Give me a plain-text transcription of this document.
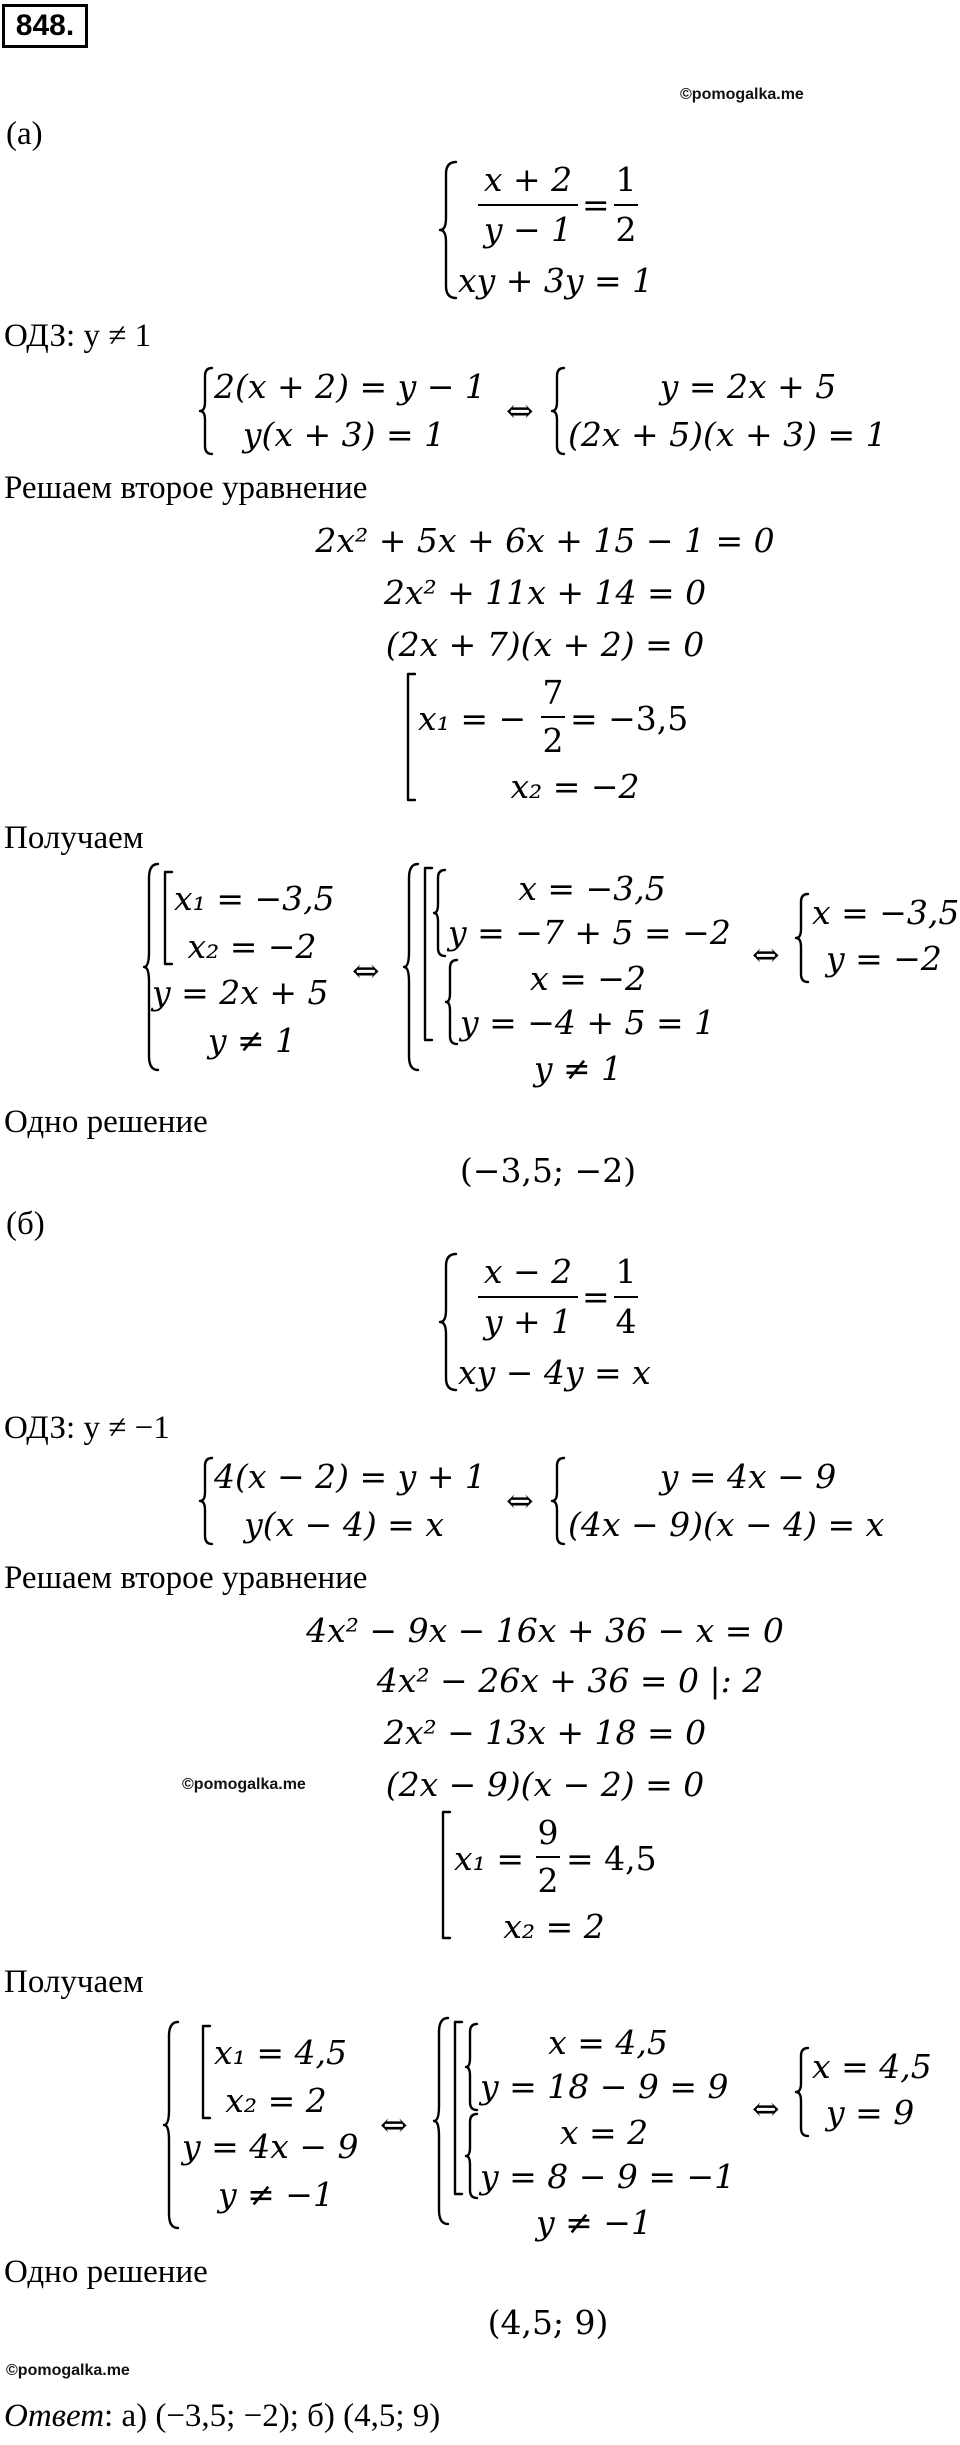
848.
©pomogalka.me
(а)
x + 2
y − 1
=
1
2
xy + 3y = 1
ОДЗ: y ≠ 1
2(x + 2) = y − 1
y(x + 3) = 1
⇔
y = 2x + 5
(2x + 5)(x + 3) = 1
Решаем второе уравнение
2x² + 5x + 6x + 15 − 1 = 0
2x² + 11x + 14 = 0
(2x + 7)(x + 2) = 0
x₁ = −
7
2
= −3,5
x₂ = −2
Получаем
x₁ = −3,5
x₂ = −2
y = 2x + 5
y ≠ 1
⇔
x = −3,5
y = −7 + 5 = −2
x = −2
y = −4 + 5 = 1
y ≠ 1
⇔
x = −3,5
y = −2
Одно решение
(−3,5; −2)
(б)
x − 2
y + 1
=
1
4
xy − 4y = x
ОДЗ: y ≠ −1
4(x − 2) = y + 1
y(x − 4) = x
⇔
y = 4x − 9
(4x − 9)(x − 4) = x
Решаем второе уравнение
4x² − 9x − 16x + 36 − x = 0
4x² − 26x + 36 = 0 |: 2
2x² − 13x + 18 = 0
©pomogalka.me (2x − 9)(x − 2) = 0
x₁ =
9
2
= 4,5
x₂ = 2
Получаем
x₁ = 4,5
x₂ = 2
y = 4x − 9
y ≠ −1
⇔
x = 4,5
y = 18 − 9 = 9
x = 2
y = 8 − 9 = −1
y ≠ −1
⇔
x = 4,5
y = 9
Одно решение
(4,5; 9)
©pomogalka.me
Ответ: а) (−3,5; −2); б) (4,5; 9)
